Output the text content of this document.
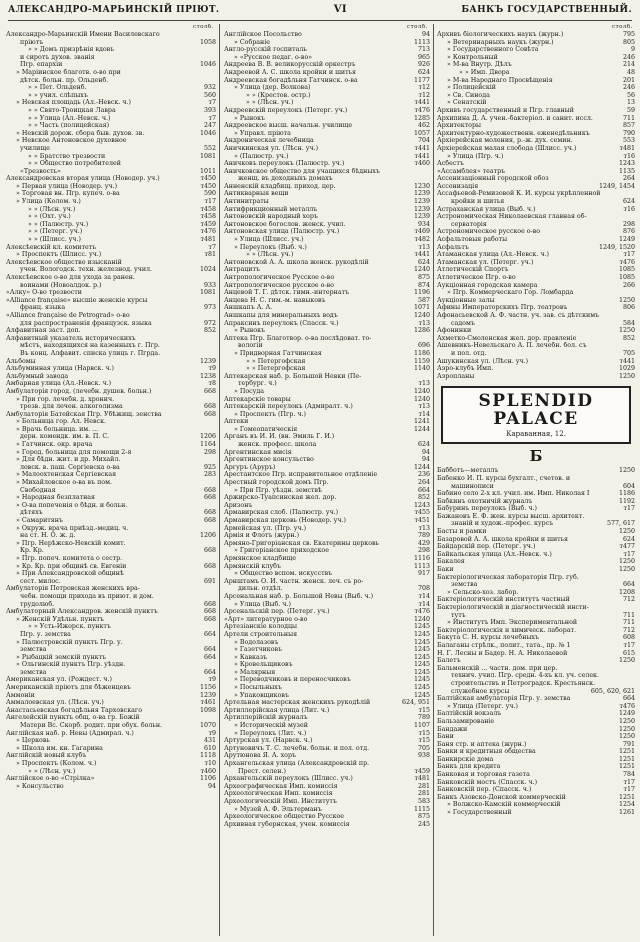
АЛЕКСАНДРО-МАРЬИНСКIЙ ПРIЮТ.	VI	БАНКЪ ГОСУДАРСТВЕННЫЙ.
столб.
Александро-Марьинскій Имени Василевскаго
пріютъ	1058
» » Домъ призрѣнія вдовъ
и сиротъ духов. званія
Пгр. епархіи	1046
» Маріинское благотв. о-во при
дѣтск. больн. пр. Ольденб.
» » Пет. Ольденб.	932
» » учил. слѣпыхъ	560
» Невская площадь (Ал.-Невск. ч.)	т7
» » Свято-Троицкая Лавра	393
» » Улица (Ал.-Невск. ч.)	т7
» » Часть (полицейская)	247
» Невскій дорож. сбора быв. духов. зв.	1046
» Невское Антоновское духовное
училище	552
» » Братство трезвости	1081
» » Общество потребителей
«Трезвость»	1011
Александровская вторая улица (Новодер. уч.)	т450
» Первая улица (Новодер. уч.)	т450
» Торговая вн. Пгр. купеч. о-ва	590
» Улица (Колом. ч.)	т17
» » (Лѣсн. уч.)	т458
» » (Охт. уч.)	т458
» » (Палюстр. уч.)	т459
» » (Петерг. уч.)	т476
» » (Шлисс. уч.)	т481
Алексѣевскій кл. комитетъ	т7
» Проспектъ (Шлисс. уч.)	т81
Алексѣевское общество изысканій
учен. Вологодск. техн. железнод. учил.	1024
Алексѣевское о-во для ухода за ранен.
воинами (Новоалдок. р.)	933
«Алку» О-во трезвости	1081
«Alliance française» высшіе женскіе курсы
франц. языка	973
«Alliance française de Petrograd» о-во
для распространенія французск. языка	972
Алфавитная заст. доп.	852
Алфавитный указатель историческихъ
мѣстъ, находящихся на казенныхъ г. Пгр.
Въ конц. Алфавит. списка улицъ г. Пгрда.
Альбомы	1239
Альбуминная улица (Нарвск. ч.)	т9
Альбумный завода	1238
Амбарная улица (Ал.-Невск. ч.)	т8
Амбулаторія город. (лечебн. душев. больн.)	668
» При гор. лечебн. д. хронич.
трезв. для лечен. алкоголизма	668
Амбулаторія Батейская Пгр. Убѣжищ. зенства	668
» Больница гор. Ал. Невск.
» Врачь больница. им. ...
дерн. комендк. им. в. П. С.	1206
» Гатчинск. окр. врача	1164
» Город. больница для помощи 2-я	298
» Для бѣдн. жит. и др. Михайл.
ловск. в. паш. Сергіевска о-ва	925
» Малоохтенская Сергіевская	283
» Михайловское о-ва въ пом.
Свободная	668
» Народная безплатная	668
» О-ва попеченія о бѣдн. и больн.
дѣтяхъ	668
» Самаритянъ	668
» Окруж. врача приѣзд.-медиц. ч.
на ст. Н. О. ж. д.	1206
» Пгр. Нерѣжско-Невскій комит.
Кр. Кр.	668
» Пгр. попеч. комитета о сестр.
» Кр. Кр. при общинѣ св. Евгеніи	668
» При Александровской общинѣ
сест. милос.	691
Амбулаторія Петровская женскихъ вра-
чебн. помощи прихода въ приют. и дом.
трудолюб.	668
Амбулаторный Александров. женскій пунктъ	668
» Женскій Удѣльн. пунктъ	668
» » Усть-Ижорск. пунктъ
Пгр. у. земства	664
» Палюстровскій пунктъ Пгр. у.
земства	664
» Рыбацкій земскій пунктъ	664
» Ольгинскій пунктъ Пгр. уѣздн.
земства	664
Американская ул. (Рождест. ч.)	т9
Американскій пріютъ для бѣженцевъ	1156
Аммоніи	1239
Аммалоевская ул. (Лѣсн. уч.)	т461
Анастасьевская богадѣльня Тарховскаго	1098
Ангелейскій пунктъ общ. о-ва гр. Божій
Матери Вс. Скорб. родит. при обух. больн.	1070
Англійская наб. р. Невы (Адмирал. ч.)	т9
» Церковь	431
» Школа им. кн. Гагаринa	610
Англійскій новый клубъ	1118
» Проспектъ (Колом. ч.)	т10
» » (Лѣсн. уч.)	т460
Англійское о-во «Стрілка»	1106
» Консульство	94
столб.
Англійское Посольство	94
» Собраніе	1113
Англо-русскій госпиталь	713
» «Русское педаг. о-во»	965
Андреева В. В. великорусскій оркестръ	926
Андреевой А. С. школа кройки и шитья	624
Андреевская богадѣльня Гатчинск. о-ва	1177
» Улица (дер. Волкова)	т12
» » (Крестов. остр.)	т12
» » (Лѣсн. уч.)	т441
Андреевскій переулокъ (Петерг. уч.)	т476
» Рынокъ	1285
Андреевское высш. начальн. училище	462
» Управл. пріюта	1057
Андроническая лечебница	704
Аничкинская ул. (Лѣсн. уч.)	т441
» (Палюстр. уч.)	т441
Аничковъ переулокъ (Палюстр. уч.)	т460
Аничковское общество для учащихся бѣдныхъ
женщ. въ доходныхъ домахъ
Анненскій кладбищ. приход. цер.	1230
Антикварныя вещи	1239
Антинитраты	1239
Антифрикционный металлъ	1239
Антоновскій народный хоръ	1239
Антоновское богослов. женск. учил.	934
Антоновская улица (Палюстр. уч.)	т469
» Улица (Шлисс. уч.)	т482
» Переулокъ (Выб. ч.)	т13
» » (Лѣсн. уч.)	т441
Антоновской А. А. школа женск. рукодѣлій	624
Антрацитъ	1240
Антропологическое Русское о-во	875
Антропологическое русское о-во	874
Анцевой Т. Г. дѣтск. гимн.-интернатъ	1196
Анцева Н. С. гим.-м. навыковъ	587
Аншкапъ А. А.	1071
Аншкапы для минеральныхъ водъ	1240
Апраксинъ переулокъ (Спасск. ч.)	т13
» Рынокъ	1286
Аптека Пгр. Благотвор. о-ва послѣдоват. то-
вологіи	696
» Придворная Гатчинская	1186
» » Петергофская	1159
» » Петергофская	1140
Аптекарская наб. р. Большой Невки (Пе-
тербург. ч.)	т13
» Посуда	1240
Аптекарскіе товары	1240
Аптекарскій переулокъ (Адмиралт. ч.)	т13
» Проспектъ (Пгр. ч.)	т14
Аптеки	1241
» Гомеопатическія	1244
Арганъ въ И. И. (вн. Эмиль Г. И.)
женск. професс. школа	624
Аргентинская мисія	94
Аргентинское консульство	94
Аргуръ (Аруръ)	1244
Арестантское Пгр. исправительное отдѣленіе	236
Арестный городской домъ Пгр.	264
» При Пгр. уѣздн. земствѣ	664
Аржирско-Туапсинская жел. дор.	852
Аризонъ	1243
Армавирская слоб. (Палюстр. уч.)	т455
Армавирская церковь (Новодер. уч.)	т451
Армейская ул. (Пгр. уч.)	т13
Армія и Флотъ (журн.)	789
Армяно-Григоріанская св. Екатерины церковь	429
» Григоріанское приходское	298
Армянское кладбище	1116
Армянскій клубъ	1113
» Общество вспом. искусствъ	917
Арнштамъ О. И. частн. женск. леч. съ ро-
дильн. отдѣл.	708
Арсенальная наб. р. Большой Невы (Выб. ч.)	т14
» Улица (Выб. ч.)	т14
Арсенальскій пер. (Петерг. уч.)	т476
«Арт» литературное о-во	1240
Артезіанскіе колодцы	1245
Артели строительныя	1245
» Водолазовъ	1245
» Газетчиковъ	1245
» Кавказъ	1245
» Кровельщиковъ	1245
» Малярныя	1245
» Переводчиковъ и переносчиковъ	1245
» Посыльныхъ	1245
» Упаковщиковъ	1245
Артельная мастерская женскихъ рукодѣлій	624, 951
Артиллерійская улица (Лит. ч.)	т15
Артиллерійскій журналъ	789
» Историческій музей	1107
» Переулокъ (Лит. ч.)	т15
Артурская ул. (Нарвск. ч.)	т15
Артуновичъ Т. С. лечебн. больн. и пол. отд.	705
Арутюнова Я. А. хоръ	938
Архангельская улица (Александровскій пр.
Прест. селен.)	т459
Архангельскій переулокъ (Шлисс. уч.)	т481
Археографическая Имп. комиссія	281
Археологическая Имп. комиссія	281
Археологическій Имп. Институтъ	583
» Музей А. Ф. Эльтерманъ	1115
Археологическое общество Русское	875
Архивная губернская, учен. комиссія	245
столб.
Архивъ біологическихъ наукъ (журн.)	795
» Ветеринарныхъ наукъ (журн.)	805
» Государственного Совѣта	9
» Контрольный	246
» М-ва Внутр. Дѣлъ	214
» » Имп. Двора	48
» М-ва Народнаго Просвѣщенія	201
» Полицейскій	246
» Св. Синода	56
» Сенатскій	13
Архивъ государственный и Пгр. главный	59
Архипина Д. А. учен.-бактеріол. и санит. иссл.	711
Архитекторы	857
Архитектурно-художественн. еженедѣльникъ	790
Архіерейская моления, р.-ж. дух. семин.	553
Архіерейская малая слобода (Шлисс. уч.)	т481
» Улица (Пгр. ч.)	т16
Асбестъ	1243
«Ассамблея» театръ	1135
Ассенизаціонный городской обоз	264
Ассенизація	1249, 1454
Ассафьевой-Ремизовой К. И. курсы укрѣпленной
кройки и шитья	624
Астраханская улица (Выб. ч.)	т16
Астрономическая Николаевская главная об-
серваторія	298
Астрономическое русское о-во	876
Асфальтовыя работы	1249
Асфальтъ	1249, 1520
Атаманская улица (Ал.-Невск. ч.)	т17
Атаманская ул. (Петерг. уч.)	т476
Атлетическій Спортъ	1085
Атлетическое Пгр. о-во	1085
Аукціонная городская камера	266
» Пгр. Коммерческаго Гор. Ломбарда
Аукціонные залы	1250
Афины Императорскихъ Пгр. театровъ	806
Афонасьевской А. Ф. частн. уч. зав. съ дѣтскимъ
садомъ	584
Афонинки	1250
Ахметко-Смоленская жел. дор. правленіе	852
Ашевникъ-Невельскаго А. П. лечебн. бол. съ
и пол. отд.	705
Ашукинская ул. (Лѣсн. уч.)	т441
Аэро-клубъ Имп.	1029
Аэропланы	1250
SPLENDID
PALACE
Караванная, 12.
Б
Бабботъ—металлъ	1250
Бабенко И. П. курсы бухгалт., счетов. и
машинописи	604
Бабино село 2-х кл. учил. им. Имп. Николая I	1186
Бабкинъ охотничій журналъ	1192
Бабуринъ переулокъ (Выб. ч.)	т17
Бажановъ Е. Ф. жен. курсы высш. архитект.
знаній и худож.-профес. курсъ	577, 617
Басты и рамки	1250
Базаровой А. А. школа кройки и шитья	624
Байдарскій пер. (Петерг. уч.)	т477
Байкальская улица (Ал.-Невск. ч.)	т17
Бакалея	1250
Баки	1250
Бактеріологическая лабораторія Пгр. губ.
земства	664
» Сельско-хоз. лабор.	1208
Бактеріологическій институтъ частный	712
Бактеріологическій и діагностическій инсти-
тутъ	711
» Институтъ Имп. Экспериментальной	711
Бактеріологическія и химическ. лаборат.	712
Бакута С. Н. курсы лечебныхъ	608
Балаганы стрѣлк., полит., тата., пр. № 1	т17
Н. Г. Лесны и Бадер. Н. А. Николаевой	615
Балетъ	1250
Бальменскій ... частн. дом. при цер.
технич. учил. Пгр. средн. 4-хъ кл. уч. селек.
строительствъ и Петроградск. Крестьянск.
служебное курсы	605, 620, 621
Балтійская амбулаторія Пгр. у. земства	664
» Улица (Петерг. уч.)	т476
Балтійскій вокзалъ	1249
Бальзамированіе	1250
Бандажи	1250
Бани	1250
Баня стр. и аптека (журн.)	791
Банки и кредитныя общества	1251
Банкирскіе дома	1251
Банкъ для кредита	1251
Банковая и торговая газета	784
Банковскій мостъ (Спасск. ч.)	т17
Банковскій пер. (Спасск. ч.)	т17
Банкъ Азовско-Донской коммерческій	1251
» Волжско-Камскій коммерческій	1254
» Государственный	1261
